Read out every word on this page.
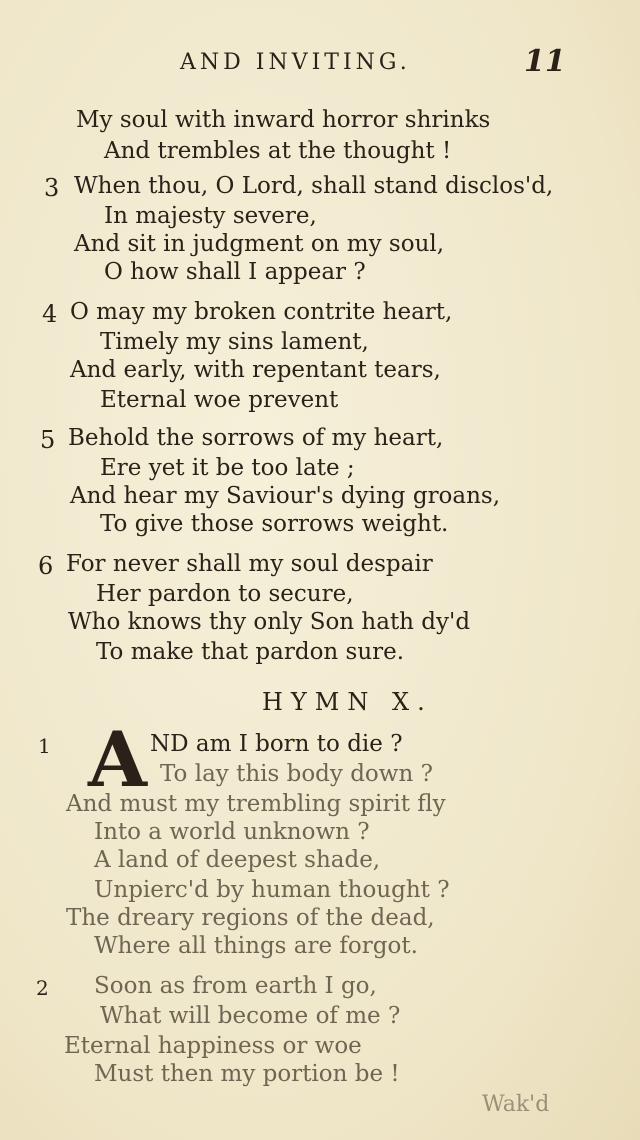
AND INVITING.	11
My soul with inward horror shrinks
And trembles at the thought !
3 When thou, O Lord, shall stand disclos'd,
In majesty severe,
And sit in judgment on my soul,
O how shall I appear ?
4 O may my broken contrite heart,
Timely my sins lament,
And early, with repentant tears,
Eternal woe prevent
5 Behold the sorrows of my heart,
Ere yet it be too late ;
And hear my Saviour's dying groans,
To give those sorrows weight.
6 For never shall my soul despair
Her pardon to secure,
Who knows thy only Son hath dy'd
To make that pardon sure.
HYMN X.
1 A ND am I born to die ?
To lay this body down ?
And must my trembling spirit fly
Into a world unknown ?
A land of deepest shade,
Unpierc'd by human thought ?
The dreary regions of the dead,
Where all things are forgot.
2 Soon as from earth I go,
What will become of me ?
Eternal happiness or woe
Must then my portion be !
Wak'd
